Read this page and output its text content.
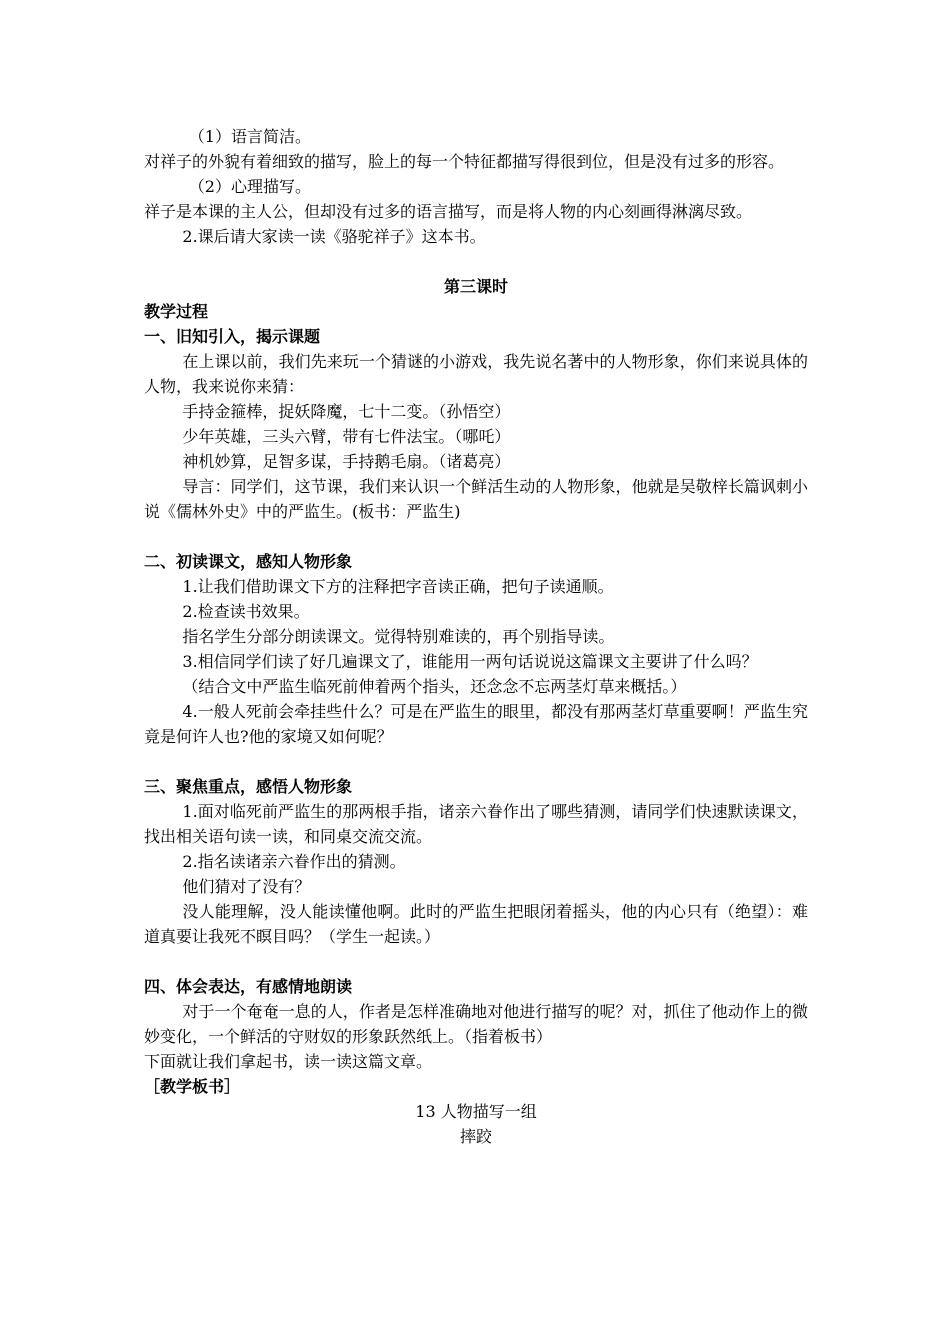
（1）语言简洁。

对祥子的外貌有着细致的描写，脸上的每一个特征都描写得很到位，但是没有过多的形容。

（2）心理描写。

祥子是本课的主人公，但却没有过多的语言描写，而是将人物的内心刻画得淋漓尽致。

2.课后请大家读一读《骆驼祥子》这本书。

第三课时

教学过程

一、旧知引入，揭示课题

在上课以前，我们先来玩一个猜谜的小游戏，我先说名著中的人物形象，你们来说具体的人物，我来说你来猜：

手持金箍棒，捉妖降魔，七十二变。（孙悟空）

少年英雄，三头六臂，带有七件法宝。（哪吒）

神机妙算，足智多谋，手持鹅毛扇。（诸葛亮）

导言：同学们，这节课，我们来认识一个鲜活生动的人物形象，他就是吴敬梓长篇讽刺小说《儒林外史》中的严监生。(板书：严监生)

二、初读课文，感知人物形象

1.让我们借助课文下方的注释把字音读正确，把句子读通顺。

2.检查读书效果。

指名学生分部分朗读课文。觉得特别难读的，再个别指导读。

3.相信同学们读了好几遍课文了，谁能用一两句话说说这篇课文主要讲了什么吗？

（结合文中严监生临死前伸着两个指头，还念念不忘两茎灯草来概括。）

4.一般人死前会牵挂些什么？可是在严监生的眼里，都没有那两茎灯草重要啊！严监生究竟是何许人也?他的家境又如何呢？

三、聚焦重点，感悟人物形象

1.面对临死前严监生的那两根手指，诸亲六眷作出了哪些猜测，请同学们快速默读课文，找出相关语句读一读，和同桌交流交流。

2.指名读诸亲六眷作出的猜测。

他们猜对了没有？

没人能理解，没人能读懂他啊。此时的严监生把眼闭着摇头，他的内心只有（绝望）：难道真要让我死不瞑目吗？（学生一起读。）

四、体会表达，有感情地朗读

对于一个奄奄一息的人，作者是怎样准确地对他进行描写的呢？对，抓住了他动作上的微妙变化，一个鲜活的守财奴的形象跃然纸上。（指着板书）

下面就让我们拿起书，读一读这篇文章。

［教学板书］

13 人物描写一组

摔跤
